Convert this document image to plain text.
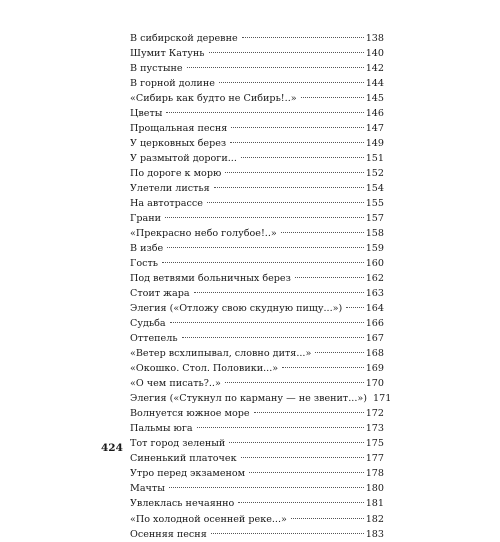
В сибирской деревне	138
Шумит Катунь	140
В пустыне	142
В горной долине	144
«Сибирь как будто не Сибирь!..»	145
Цветы	146
Прощальная песня	147
У церковных берез	149
У размытой дороги...	151
По дороге к морю	152
Улетели листья	154
На автотрассе	155
Грани	157
«Прекрасно небо голубое!..»	158
В избе	159
Гость	160
Под ветвями больничных берез	162
Стоит жара	163
Элегия («Отложу свою скудную пищу...») 164
Судьба	166
Оттепель	167
«Ветер всхлипывал, словно дитя...»	168
«Окошко. Стол. Половики...»	169
«О чем писать?..»	170
Элегия («Стукнул по карману — не звенит...») 171
Волнуется южное море	172
Пальмы юга	173
Тот город зеленый	175
Синенький платочек	177
Утро перед экзаменом	178
Мачты	180
Увлеклась нечаянно	181
«По холодной осенней реке...»	182
Осенняя песня	183
424
